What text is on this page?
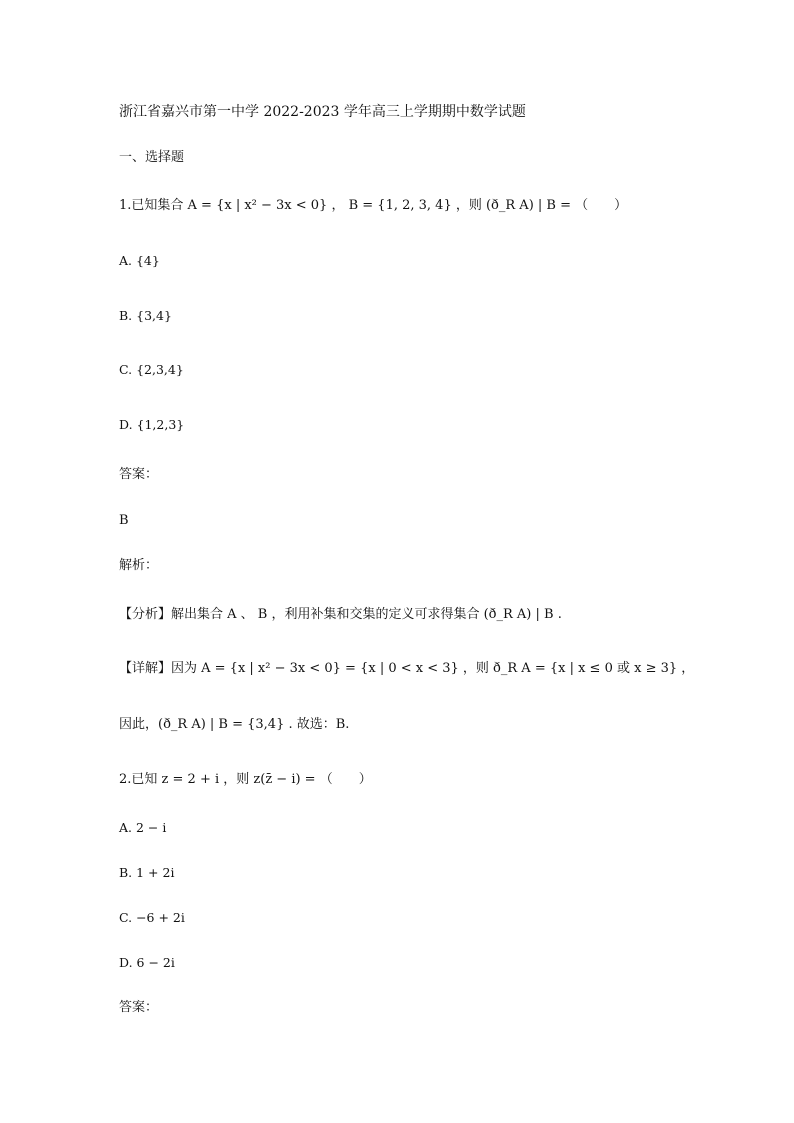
浙江省嘉兴市第一中学 2022-2023 学年高三上学期期中数学试题
一、选择题
1.已知集合 A = {x | x² − 3x < 0} ， B = {1, 2, 3, 4} ，则 (ð_R A) | B = （　　）
A. {4}
B. {3,4}
C. {2,3,4}
D. {1,2,3}
答案：
B
解析：
【分析】解出集合 A 、 B ，利用补集和交集的定义可求得集合 (ð_R A) | B .
【详解】因为 A = {x | x² − 3x < 0} = {x | 0 < x < 3} ，则 ð_R A = {x | x ≤ 0 或 x ≥ 3} ，
因此，(ð_R A) | B = {3,4} . 故选：B.
2.已知 z = 2 + i ，则 z(z̄ − i) = （　　）
A. 2 − i
B. 1 + 2i
C. −6 + 2i
D. 6 − 2i
答案：
